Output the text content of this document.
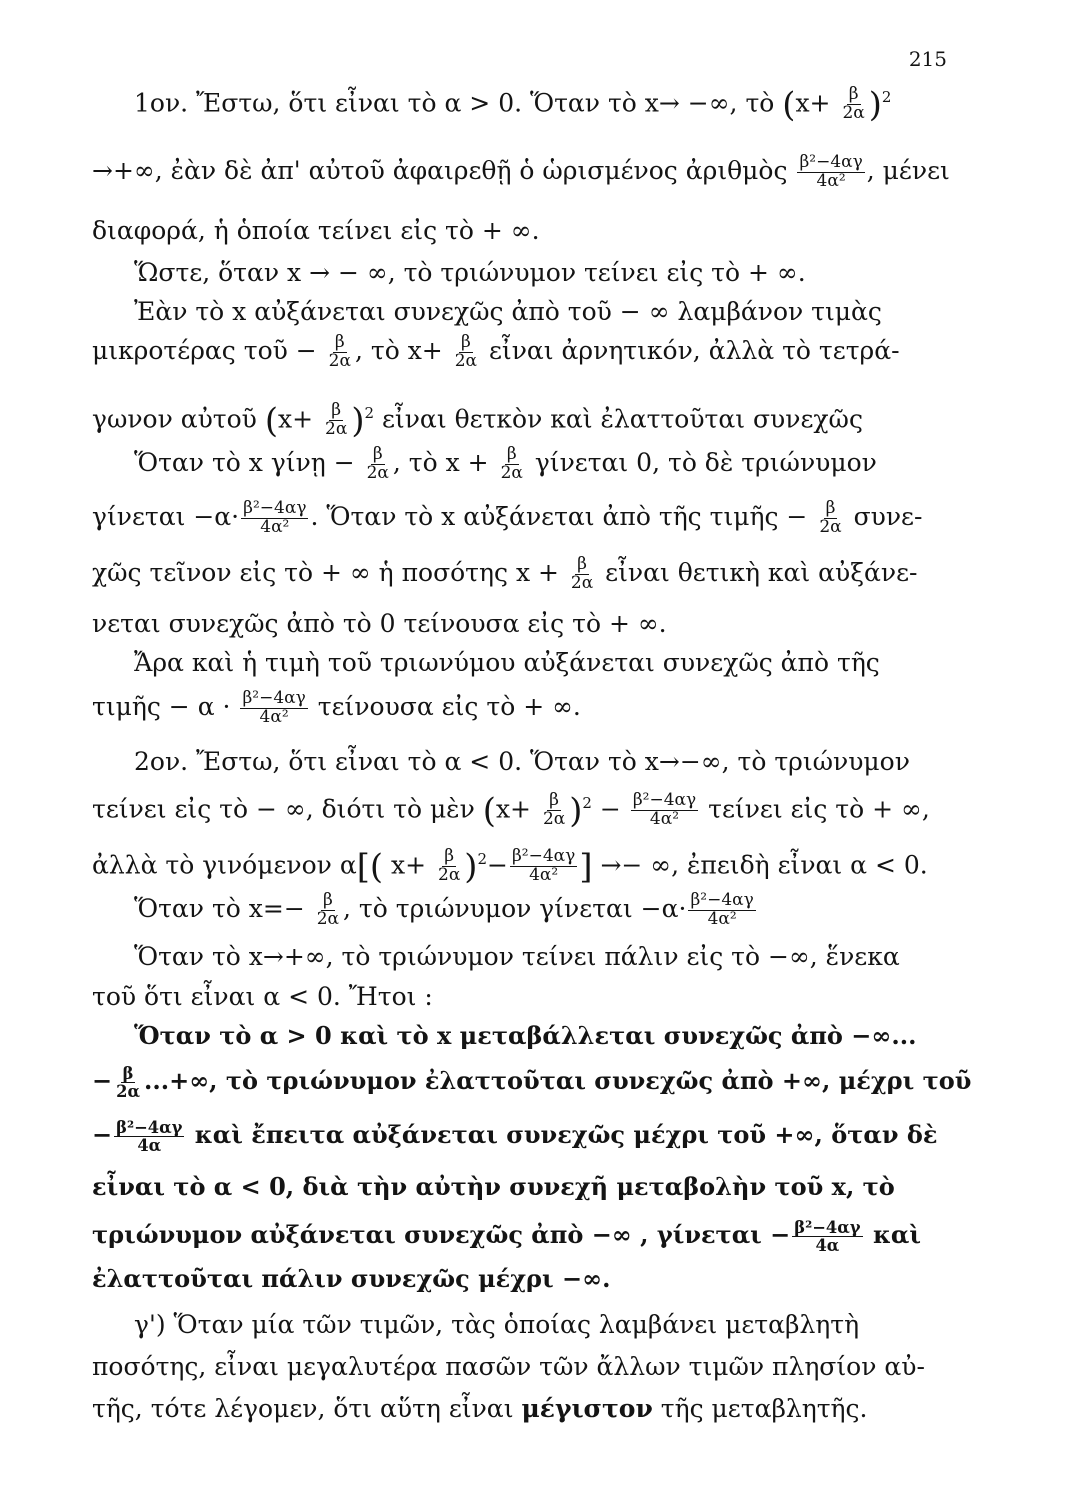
215
1ον. Ἔστω, ὅτι εἶναι τὸ α > 0. Ὅταν τὸ x→ −∞, τὸ $(x+ \frac{\beta}{2\alpha} )^2$
→+∞, ἐὰν δὲ ἀπ' αὐτοῦ ἀφαιρεθῇ ὁ ὡρισμένος ἀριθμὸς $\frac{\text{β²−4αγ}}{\text{4α²}}$ , μένει
διαφορά, ἡ ὁποία τείνει εἰς τὸ + ∞.
Ὥστε, ὅταν x → − ∞, τὸ τριώνυμον τείνει εἰς τὸ + ∞.
Ἐὰν τὸ x αὐξάνεται συνεχῶς ἀπὸ τοῦ − ∞ λαμβάνον τιμὰς
μικροτέρας τοῦ − $\frac{\beta}{2\alpha}$ , τὸ $x+ \frac{\beta}{2\alpha}$ εἶναι ἀρνητικόν, ἀλλὰ τὸ τετρά-
γωνον αὐτοῦ $(x+ \frac{\beta}{2\alpha} )^2$ εἶναι θετκὸν καὶ ἐλαττοῦται συνεχῶς
Ὅταν τὸ x γίνῃ − $\frac{\beta}{2\alpha}$ , τὸ $x + \frac{\beta}{2\alpha}$ γίνεται 0, τὸ δὲ τριώνυμον
$\gamma ί\nu\varepsilon\tau\alpha\iota -\alpha\cdot \frac{\text{β²−4αγ}}{\text{4α²}}$ . Ὅταν τὸ x αὐξάνεται ἀπὸ τῆς τιμῆς − $\frac{\beta}{2\alpha} \sigma\upsilon\nu\varepsilon-$
χῶς τεῖνον εἰς τὸ + ∞ ἡ ποσότης $x + \frac{\beta}{2\alpha}$ εἶναι θετικὴ καὶ αὐξάνε-
νεται συνεχῶς ἀπὸ τὸ 0 τείνουσα εἰς τὸ + ∞.
Ἄρα καὶ ἡ τιμὴ τοῦ τριωνύμου αὐξάνεται συνεχῶς ἀπὸ τῆς
τιμῆς − $\alpha \cdot \frac{\text{β²−4αγ}}{\text{4α²}}$ τείνουσα εἰς τὸ + ∞.
2ον. Ἔστω, ὅτι εἶναι τὸ α < 0. Ὅταν τὸ x→−∞, τὸ τριώνυμον
τείνει εἰς τὸ − ∞, διότι τὸ μὲν $(x+ \frac{\beta}{2\alpha} )^2 - \frac{\text{β²−4αγ}}{\text{4α²}}$ τείνει εἰς τὸ + ∞,
ἀλλὰ τὸ γινόμενον α[( $x+ \frac{\beta}{2\alpha} )^2- \frac{\text{β²−4αγ}}{\text{4α²}}$ ] →− ∞, ἐπειδὴ εἶναι α < 0.
Ὅταν τὸ $x=- \frac{\beta}{2\alpha}$ , τὸ τριώνυμον $\gamma ί\nu\varepsilon\tau\alpha\iota -\alpha\cdot \frac{\text{β²−4αγ}}{\text{4α²}}$
Ὅταν τὸ x→+∞, τὸ τριώνυμον τείνει πάλιν εἰς τὸ −∞, ἕνεκα
τοῦ ὅτι εἶναι α < 0. Ἤτοι :
Ὅταν τὸ α > 0 καὶ τὸ x μεταβάλλεται συνεχῶς ἀπὸ −∞...
− $\frac{\beta}{2\alpha}$ ...+∞, τὸ τριώνυμον ἐλαττοῦται συνεχῶς ἀπὸ +∞, μέχρι τοῦ
− $\frac{\text{β²−4αγ}}{4\alpha}$ καὶ ἔπειτα αὐξάνεται συνεχῶς μέχρι τοῦ +∞, ὅταν δὲ
εἶναι τὸ α < 0, διὰ τὴν αὐτὴν συνεχῆ μεταβολὴν τοῦ x, τὸ
τριώνυμον αὐξάνεται συνεχῶς ἀπὸ −∞ , $\gamma ί\nu\varepsilon\tau\alpha\iota - \frac{\text{β²−4αγ}}{4\alpha}$ καὶ
ἐλαττοῦται πάλιν συνεχῶς μέχρι −∞.
γ') Ὅταν μία τῶν τιμῶν, τὰς ὁποίας λαμβάνει μεταβλητὴ
ποσότης, εἶναι μεγαλυτέρα πασῶν τῶν ἄλλων τιμῶν πλησίον αὐ-
τῆς, τότε λέγομεν, ὅτι αὕτη εἶναι μέγιστον τῆς μεταβλητῆς.
